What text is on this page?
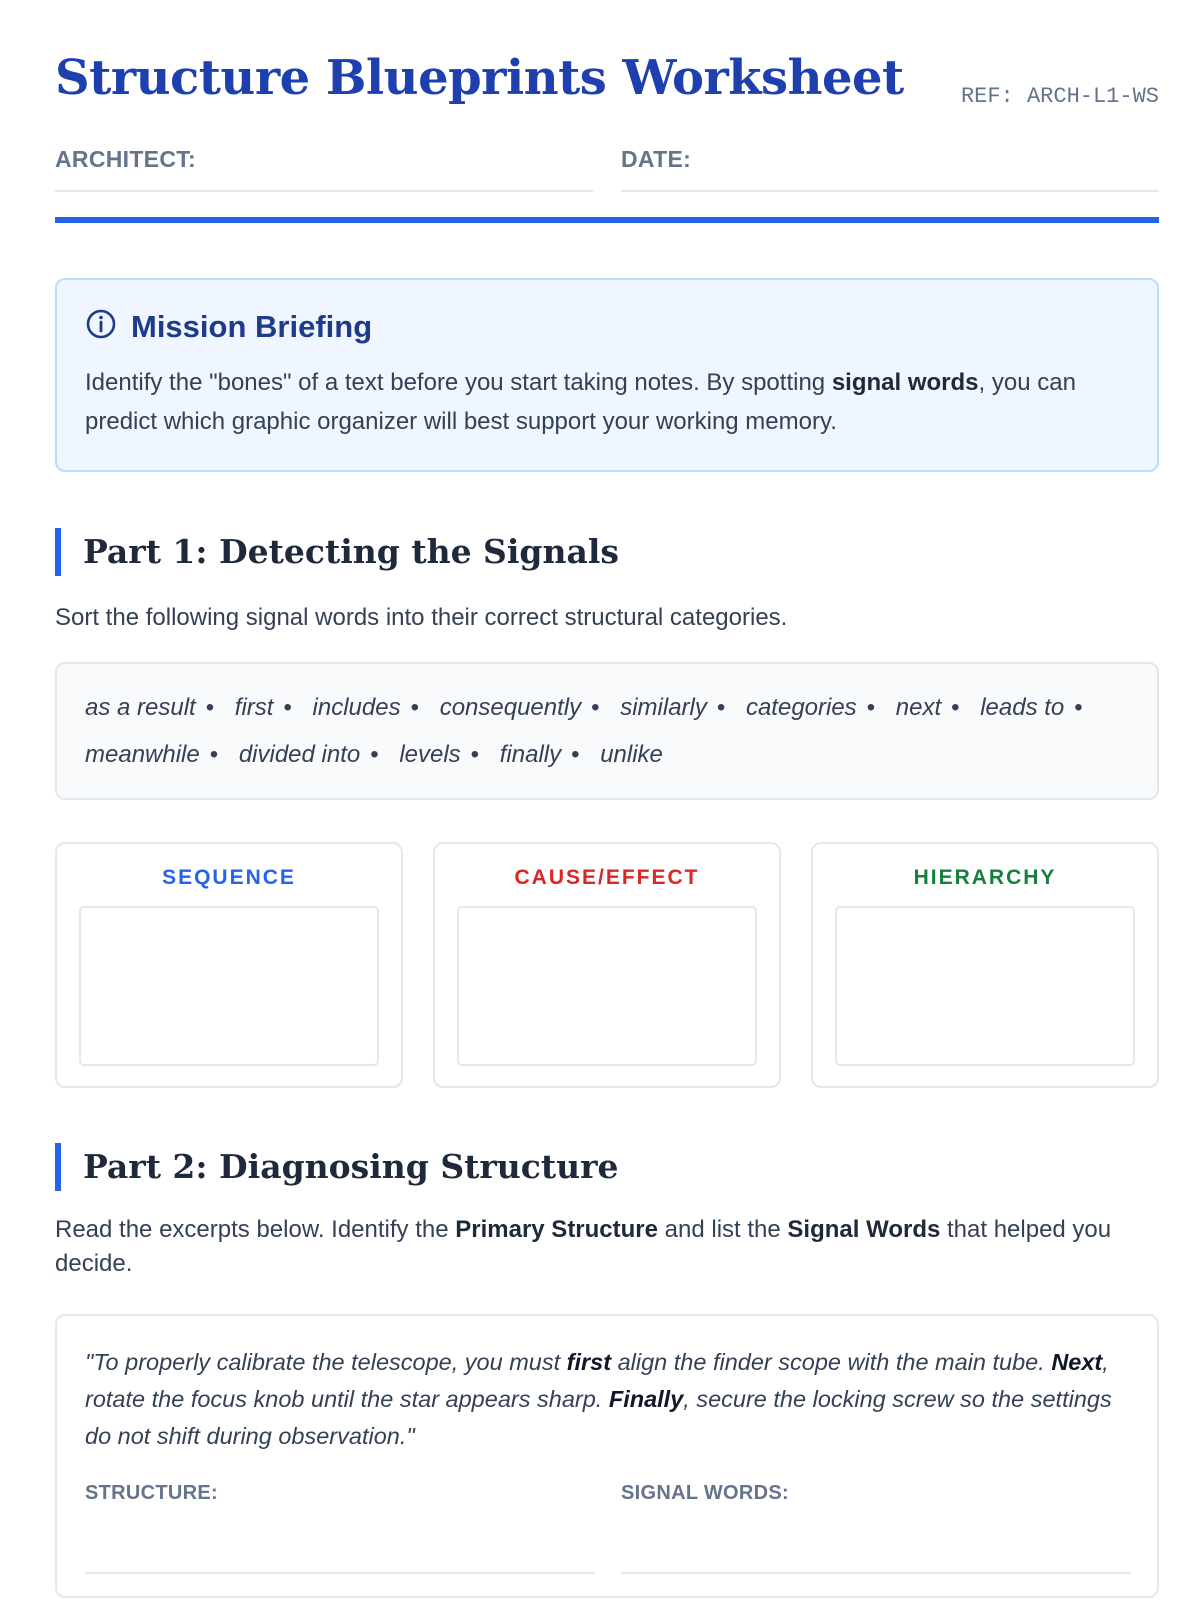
Structure Blueprints Worksheet	REF: ARCH-L1-WS
ARCHITECT:	DATE:
Mission Briefing
Identify the "bones" of a text before you start taking notes. By spotting signal words, you can predict which graphic organizer will best support your working memory.
Part 1: Detecting the Signals
Sort the following signal words into their correct structural categories.
as a result • first • includes • consequently • similarly • categories • next • leads to • meanwhile • divided into • levels • finally • unlike
SEQUENCE	CAUSE/EFFECT	HIERARCHY
Part 2: Diagnosing Structure
Read the excerpts below. Identify the Primary Structure and list the Signal Words that helped you decide.
"To properly calibrate the telescope, you must first align the finder scope with the main tube. Next, rotate the focus knob until the star appears sharp. Finally, secure the locking screw so the settings do not shift during observation."
STRUCTURE:	SIGNAL WORDS:
